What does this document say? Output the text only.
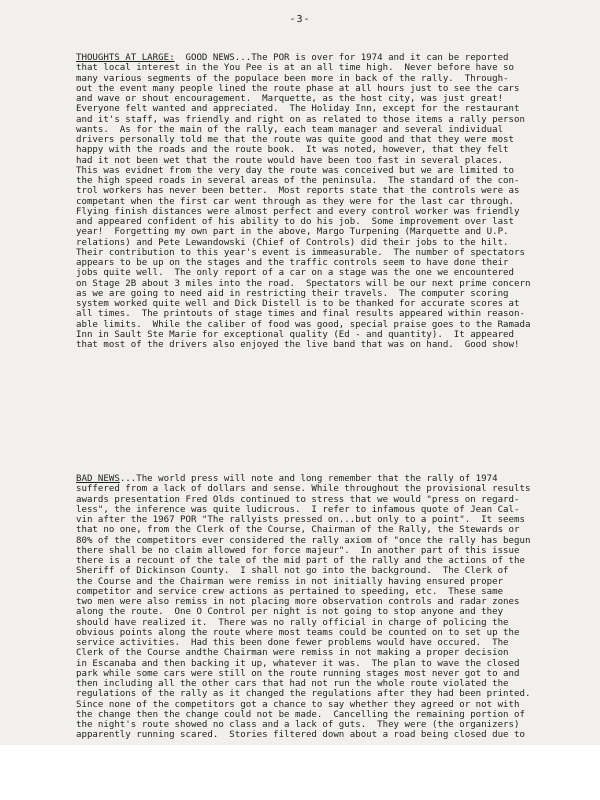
-3-
THOUGHTS AT LARGE:  GOOD NEWS...The POR is over for 1974 and it can be reported
that local interest in the You Pee is at an all time high.  Never before have so
many various segments of the populace been more in back of the rally.  Through-
out the event many people lined the route phase at all hours just to see the cars
and wave or shout encouragement.  Marquette, as the host city, was just great!
Everyone felt wanted and appreciated.  The Holiday Inn, except for the restaurant
and it's staff, was friendly and right on as related to those items a rally person
wants.  As for the main of the rally, each team manager and several individual
drivers personally told me that the route was quite good and that they were most
happy with the roads and the route book.  It was noted, however, that they felt
had it not been wet that the route would have been too fast in several places.
This was evidnet from the very day the route was conceived but we are limited to
the high speed roads in several areas of the peninsula.  The standard of the con-
trol workers has never been better.  Most reports state that the controls were as
competant when the first car went through as they were for the last car through.
Flying finish distances were almost perfect and every control worker was friendly
and appeared confident of his ability to do his job.  Some improvement over last
year!  Forgetting my own part in the above, Margo Turpening (Marquette and U.P.
relations) and Pete Lewandowski (Chief of Controls) did their jobs to the hilt.
Their contribution to this year's event is immeasurable.  The number of spectators
appears to be up on the stages and the traffic controls seem to have done their
jobs quite well.  The only report of a car on a stage was the one we encountered
on Stage 2B about 3 miles into the road.  Spectators will be our next prime concern
as we are going to need aid in restricting their travels.  The computer scoring
system worked quite well and Dick Distell is to be thanked for accurate scores at
all times.  The printouts of stage times and final results appeared within reason-
able limits.  While the caliber of food was good, special praise goes to the Ramada
Inn in Sault Ste Marie for exceptional quality (Ed - and quantity).  It appeared
that most of the drivers also enjoyed the live band that was on hand.  Good show!
BAD NEWS...The world press will note and long remember that the rally of 1974
suffered from a lack of dollars and sense. While throughout the provisional results
awards presentation Fred Olds continued to stress that we would "press on regard-
less", the inference was quite ludicrous.  I refer to infamous quote of Jean Cal-
vin after the 1967 POR "The rallyists pressed on...but only to a point".  It seems
that no one, from the Clerk of the Course, Chairman of the Rally, the Stewards or
80% of the competitors ever considered the rally axiom of "once the rally has begun
there shall be no claim allowed for force majeur".  In another part of this issue
there is a recount of the tale of the mid part of the rally and the actions of the
Sheriff of Dickinson County.  I shall not go into the background.  The Clerk of
the Course and the Chairman were remiss in not initially having ensured proper
competitor and service crew actions as pertained to speeding, etc.  These same
two men were also remiss in not placing more observation controls and radar zones
along the route.  One O Control per night is not going to stop anyone and they
should have realized it.  There was no rally official in charge of policing the
obvious points along the route where most teams could be counted on to set up the
service activities.  Had this been done fewer problems would have occured.  The
Clerk of the Course andthe Chairman were remiss in not making a proper decision
in Escanaba and then backing it up, whatever it was.  The plan to wave the closed
park while some cars were still on the route running stages most never got to and
then including all the other cars that had not run the whole route violated the
regulations of the rally as it changed the regulations after they had been printed.
Since none of the competitors got a chance to say whether they agreed or not with
the change then the change could not be made.  Cancelling the remaining portion of
the night's route showed no class and a lack of guts.  They were (the organizers)
apparently running scared.  Stories filtered down about a road being closed due to
